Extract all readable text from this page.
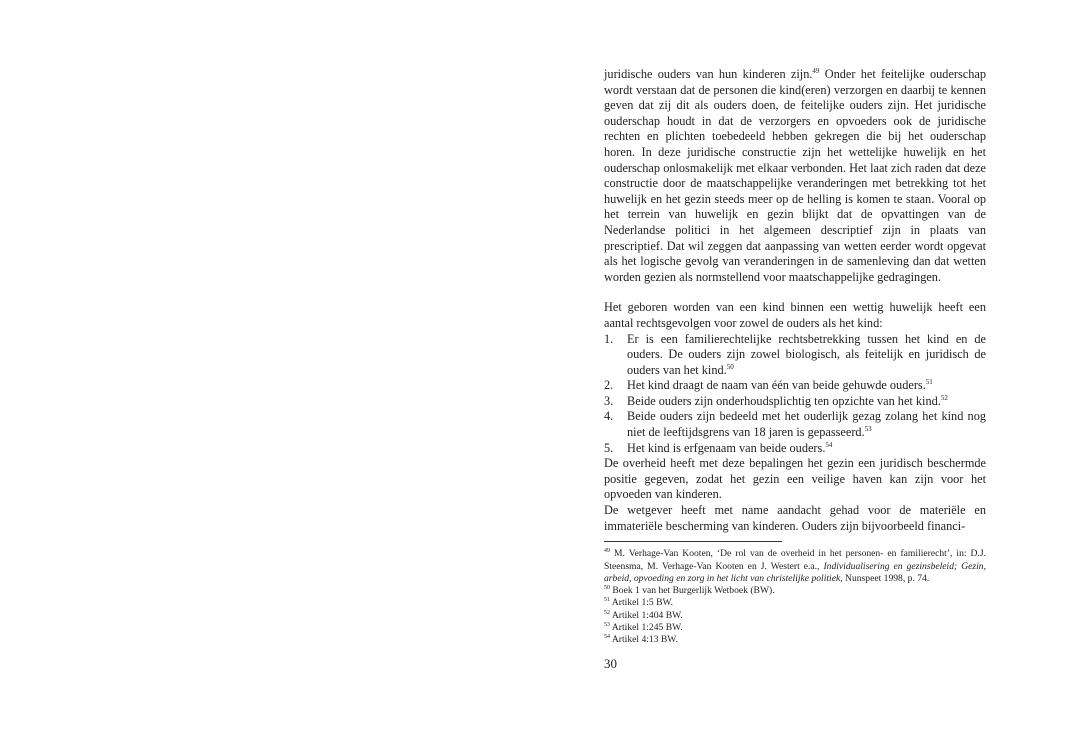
juridische ouders van hun kinderen zijn.$^{49}$ Onder het feitelijke ouderschap wordt verstaan dat de personen die kind(eren) verzorgen en daarbij te kennen geven dat zij dit als ouders doen, de feitelijke ouders zijn. Het juridische ouderschap houdt in dat de verzorgers en opvoeders ook de juridische rechten en plichten toebedeeld hebben gekregen die bij het ouderschap horen. In deze juridische constructie zijn het wettelijke huwelijk en het ouderschap onlosmakelijk met elkaar verbonden. Het laat zich raden dat deze constructie door de maatschappelijke veranderingen met betrekking tot het huwelijk en het gezin steeds meer op de helling is komen te staan. Vooral op het terrein van huwelijk en gezin blijkt dat de opvattingen van de Nederlandse politici in het algemeen descriptief zijn in plaats van prescriptief. Dat wil zeggen dat aanpassing van wetten eerder wordt opgevat als het logische gevolg van veranderingen in de samenleving dan dat wetten worden gezien als normstellend voor maatschappelijke gedragingen.

Het geboren worden van een kind binnen een wettig huwelijk heeft een aantal rechtsgevolgen voor zowel de ouders als het kind:

1. Er is een familierechtelijke rechtsbetrekking tussen het kind en de ouders. De ouders zijn zowel biologisch, als feitelijk en juridisch de ouders van het kind.$^{50}$
2. Het kind draagt de naam van één van beide gehuwde ouders.$^{51}$
3. Beide ouders zijn onderhoudsplichtig ten opzichte van het kind.$^{52}$
4. Beide ouders zijn bedeeld met het ouderlijk gezag zolang het kind nog niet de leeftijdsgrens van 18 jaren is gepasseerd.$^{53}$
5. Het kind is erfgenaam van beide ouders.$^{54}$

De overheid heeft met deze bepalingen het gezin een juridisch beschermde positie gegeven, zodat het gezin een veilige haven kan zijn voor het opvoeden van kinderen.

De wetgever heeft met name aandacht gehad voor de materiële en immateriële bescherming van kinderen. Ouders zijn bijvoorbeeld financi-

$^{49}$ M. Verhage-Van Kooten, ‘De rol van de overheid in het personen- en familierecht’, in: D.J. Steensma, M. Verhage-Van Kooten en J. Westert e.a., Individualisering en gezinsbeleid; Gezin, arbeid, opvoeding en zorg in het licht van christelijke politiek, Nunspeet 1998, p. 74.

$^{50}$ Boek 1 van het Burgerlijk Wetboek (BW).

$^{51}$ Artikel 1:5 BW.

$^{52}$ Artikel 1:404 BW.

$^{53}$ Artikel 1:245 BW.

$^{54}$ Artikel 4:13 BW.

30
